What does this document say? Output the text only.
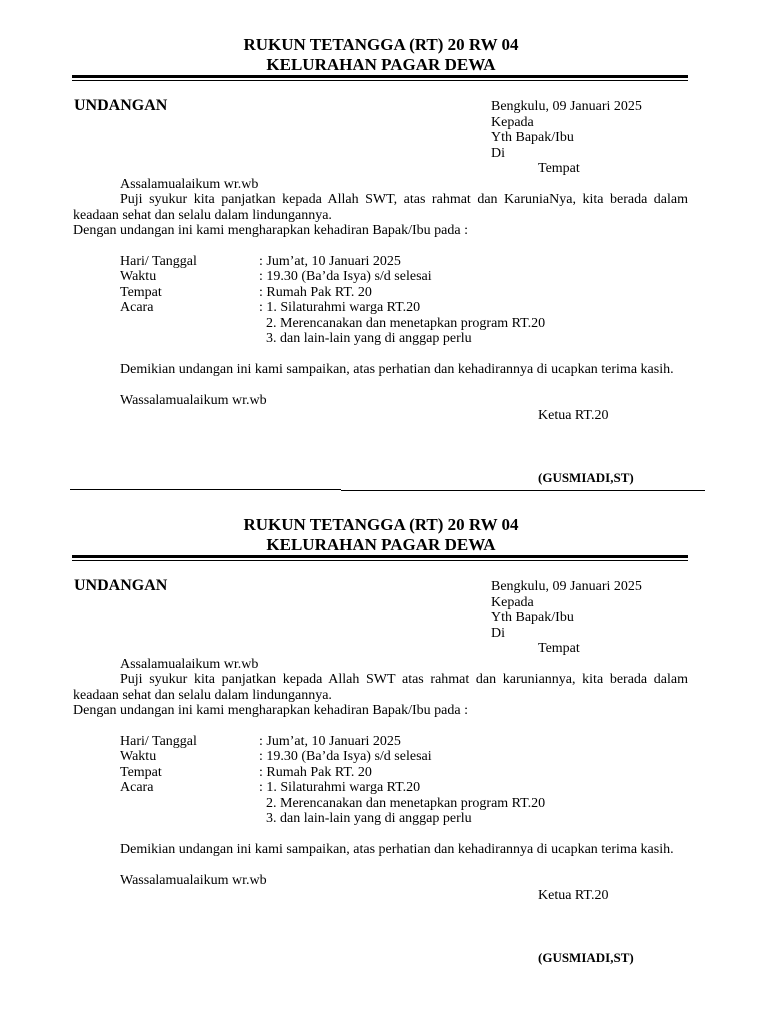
RUKUN TETANGGA (RT) 20 RW 04
KELURAHAN PAGAR DEWA
UNDANGAN	Bengkulu, 09 Januari 2025
Kepada
Yth Bapak/Ibu
Di
Tempat
Assalamualaikum wr.wb
Puji syukur kita panjatkan kepada Allah SWT, atas rahmat dan KaruniaNya, kita berada dalam keadaan sehat dan selalu dalam lindungannya.
Dengan undangan ini kami mengharapkan kehadiran Bapak/Ibu pada :
Hari/ Tanggal	: Jum’at, 10 Januari 2025
Waktu	: 19.30 (Ba’da Isya) s/d selesai
Tempat	: Rumah Pak RT. 20
Acara	: 1. Silaturahmi warga RT.20
2. Merencanakan dan menetapkan program RT.20
3. dan lain-lain yang di anggap perlu
Demikian undangan ini kami sampaikan, atas perhatian dan kehadirannya di ucapkan terima kasih.
Wassalamualaikum wr.wb
Ketua RT.20
(GUSMIADI,ST)
RUKUN TETANGGA (RT) 20 RW 04
KELURAHAN PAGAR DEWA
UNDANGAN	Bengkulu, 09 Januari 2025
Kepada
Yth Bapak/Ibu
Di
Tempat
Assalamualaikum wr.wb
Puji syukur kita panjatkan kepada Allah SWT atas rahmat dan karuniannya, kita berada dalam keadaan sehat dan selalu dalam lindungannya.
Dengan undangan ini kami mengharapkan kehadiran Bapak/Ibu pada :
Hari/ Tanggal	: Jum’at, 10 Januari 2025
Waktu	: 19.30 (Ba’da Isya) s/d selesai
Tempat	: Rumah Pak RT. 20
Acara	: 1. Silaturahmi warga RT.20
2. Merencanakan dan menetapkan program RT.20
3. dan lain-lain yang di anggap perlu
Demikian undangan ini kami sampaikan, atas perhatian dan kehadirannya di ucapkan terima kasih.
Wassalamualaikum wr.wb
Ketua RT.20
(GUSMIADI,ST)
